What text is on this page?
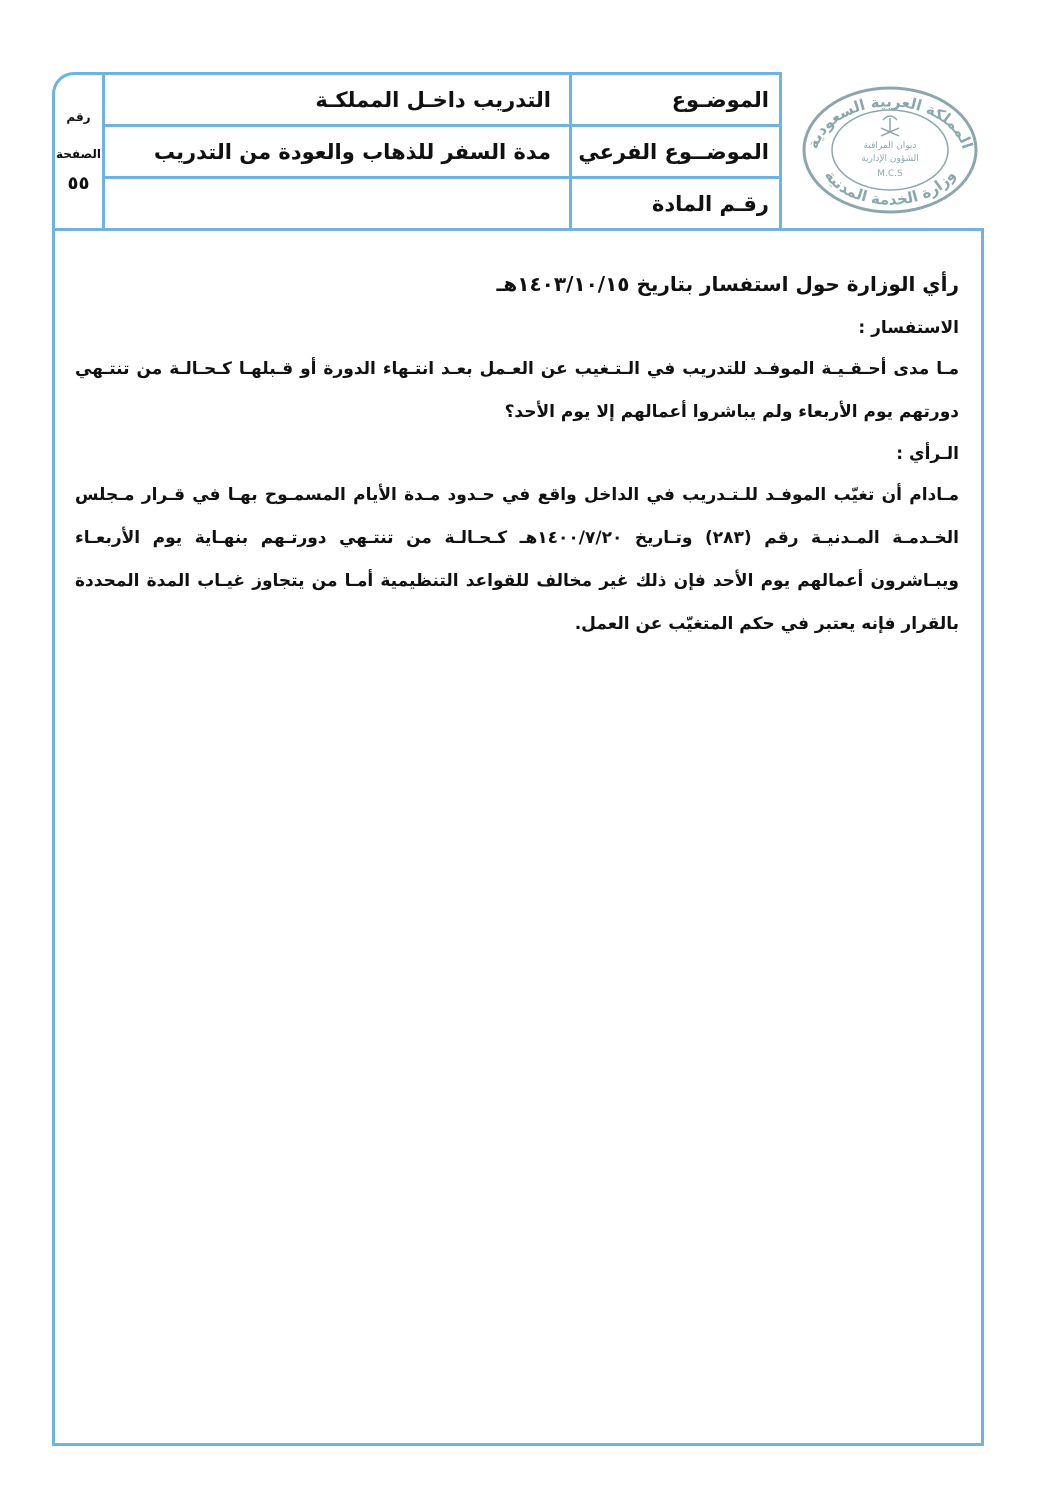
المملكة العربية السعودية
وزارة الخدمة المدنية
ديوان المراقبة
الشؤون الإدارية
M.C.S
رقم
الصفحة
٥٥
الموضـوع
التدريب داخـل المملكـة
الموضــوع الفرعي
مدة السفر للذهاب والعودة من التدريب
رقـم المادة
رأي الوزارة حول استفسار بتاريخ ١٤٠٣/١٠/١٥هـ
الاستفسار :
مـا مدى أحـقـيـة الموفـد للتدريب في الـتـغيب عن العـمل بعـد انتـهاء الدورة أو قـبلهـا كـحـالـة من تنتـهي دورتهم يوم الأربعاء ولم يباشروا أعمالهم إلا يوم الأحد؟
الـرأي :
مـادام أن تغيّب الموفـد للـتـدريب في الداخل واقع في حـدود مـدة الأيام المسمـوح بهـا في قـرار مـجلس الخـدمـة المـدنيـة رقم (٢٨٣) وتـاريخ ١٤٠٠/٧/٢٠هـ كـحـالـة من تنتـهي دورتـهم بنهـاية يوم الأربعـاء ويبـاشرون أعمالهم يوم الأحد فإن ذلك غير مخالف للقواعد التنظيمية أمـا من يتجاوز غيـاب المدة المحددة بالقرار فإنه يعتبر في حكم المتغيّب عن العمل.
